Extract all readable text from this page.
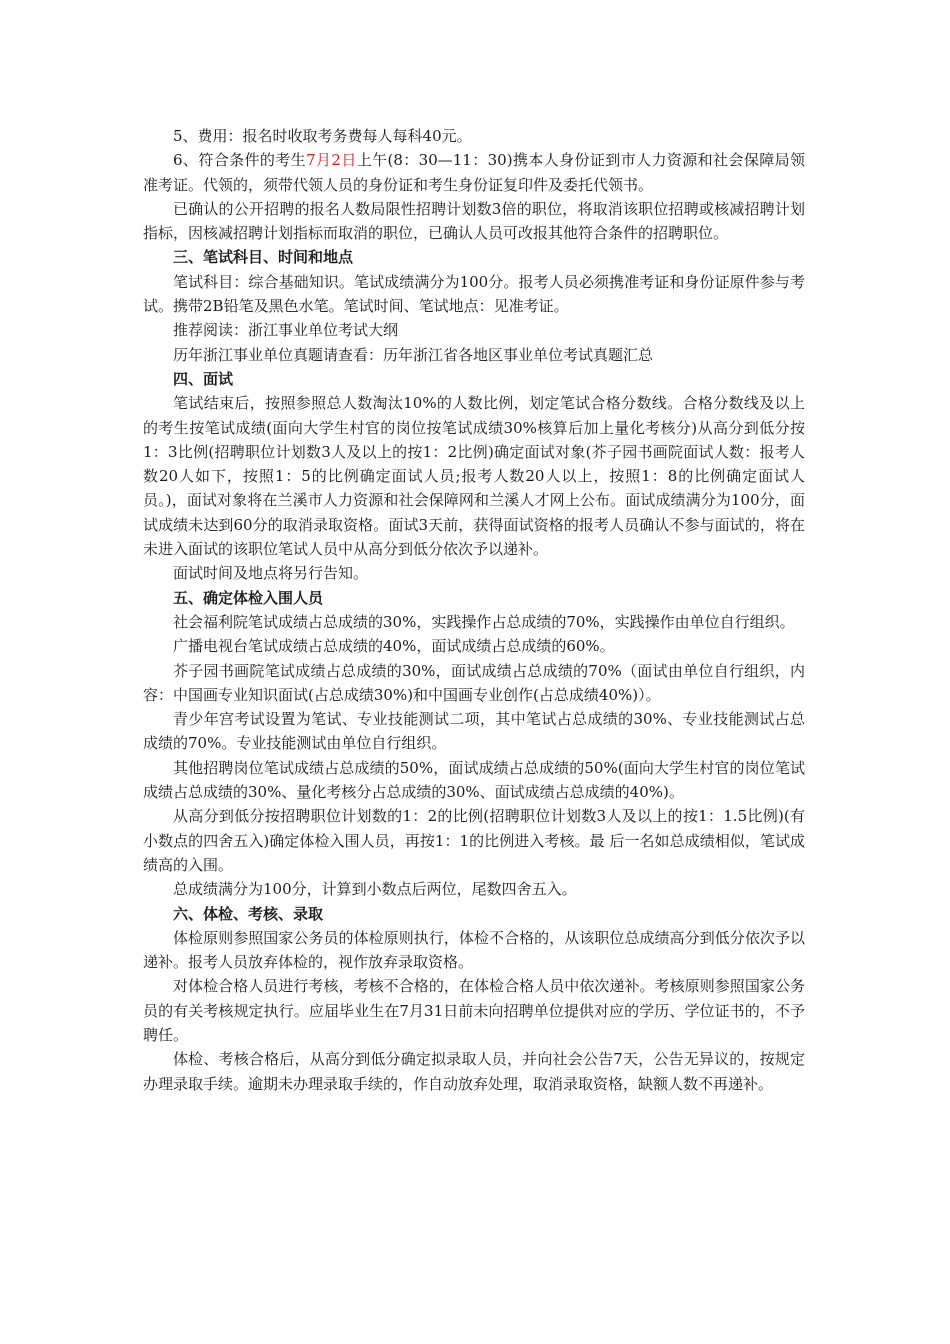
5、费用：报名时收取考务费每人每科40元。

6、符合条件的考生7月2日上午(8：30—11：30)携本人身份证到市人力资源和社会保障局领准考证。代领的，须带代领人员的身份证和考生身份证复印件及委托代领书。

已确认的公开招聘的报名人数局限性招聘计划数3倍的职位，将取消该职位招聘或核减招聘计划指标，因核减招聘计划指标而取消的职位，已确认人员可改报其他符合条件的招聘职位。

三、笔试科目、时间和地点

笔试科目：综合基础知识。笔试成绩满分为100分。报考人员必须携准考证和身份证原件参与考试。携带2B铅笔及黑色水笔。笔试时间、笔试地点：见准考证。

推荐阅读：浙江事业单位考试大纲

历年浙江事业单位真题请查看：历年浙江省各地区事业单位考试真题汇总

四、面试

笔试结束后，按照参照总人数淘汰10%的人数比例，划定笔试合格分数线。合格分数线及以上的考生按笔试成绩(面向大学生村官的岗位按笔试成绩30%核算后加上量化考核分)从高分到低分按1：3比例(招聘职位计划数3人及以上的按1：2比例)确定面试对象(芥子园书画院面试人数：报考人数20人如下，按照1：5的比例确定面试人员;报考人数20人以上，按照1：8的比例确定面试人员。)，面试对象将在兰溪市人力资源和社会保障网和兰溪人才网上公布。面试成绩满分为100分，面试成绩未达到60分的取消录取资格。面试3天前，获得面试资格的报考人员确认不参与面试的，将在未进入面试的该职位笔试人员中从高分到低分依次予以递补。

面试时间及地点将另行告知。

五、确定体检入围人员

社会福利院笔试成绩占总成绩的30%，实践操作占总成绩的70%，实践操作由单位自行组织。

广播电视台笔试成绩占总成绩的40%，面试成绩占总成绩的60%。

芥子园书画院笔试成绩占总成绩的30%，面试成绩占总成绩的70%（面试由单位自行组织，内容：中国画专业知识面试(占总成绩30%)和中国画专业创作(占总成绩40%)）。

青少年宫考试设置为笔试、专业技能测试二项，其中笔试占总成绩的30%、专业技能测试占总成绩的70%。专业技能测试由单位自行组织。

其他招聘岗位笔试成绩占总成绩的50%，面试成绩占总成绩的50%(面向大学生村官的岗位笔试成绩占总成绩的30%、量化考核分占总成绩的30%、面试成绩占总成绩的40%)。

从高分到低分按招聘职位计划数的1：2的比例(招聘职位计划数3人及以上的按1：1.5比例)(有小数点的四舍五入)确定体检入围人员，再按1：1的比例进入考核。最 后一名如总成绩相似，笔试成绩高的入围。

总成绩满分为100分，计算到小数点后两位，尾数四舍五入。

六、体检、考核、录取

体检原则参照国家公务员的体检原则执行，体检不合格的，从该职位总成绩高分到低分依次予以递补。报考人员放弃体检的，视作放弃录取资格。

对体检合格人员进行考核，考核不合格的，在体检合格人员中依次递补。考核原则参照国家公务员的有关考核规定执行。应届毕业生在7月31日前未向招聘单位提供对应的学历、学位证书的，不予聘任。

体检、考核合格后，从高分到低分确定拟录取人员，并向社会公告7天，公告无异议的，按规定办理录取手续。逾期未办理录取手续的，作自动放弃处理，取消录取资格，缺额人数不再递补。
